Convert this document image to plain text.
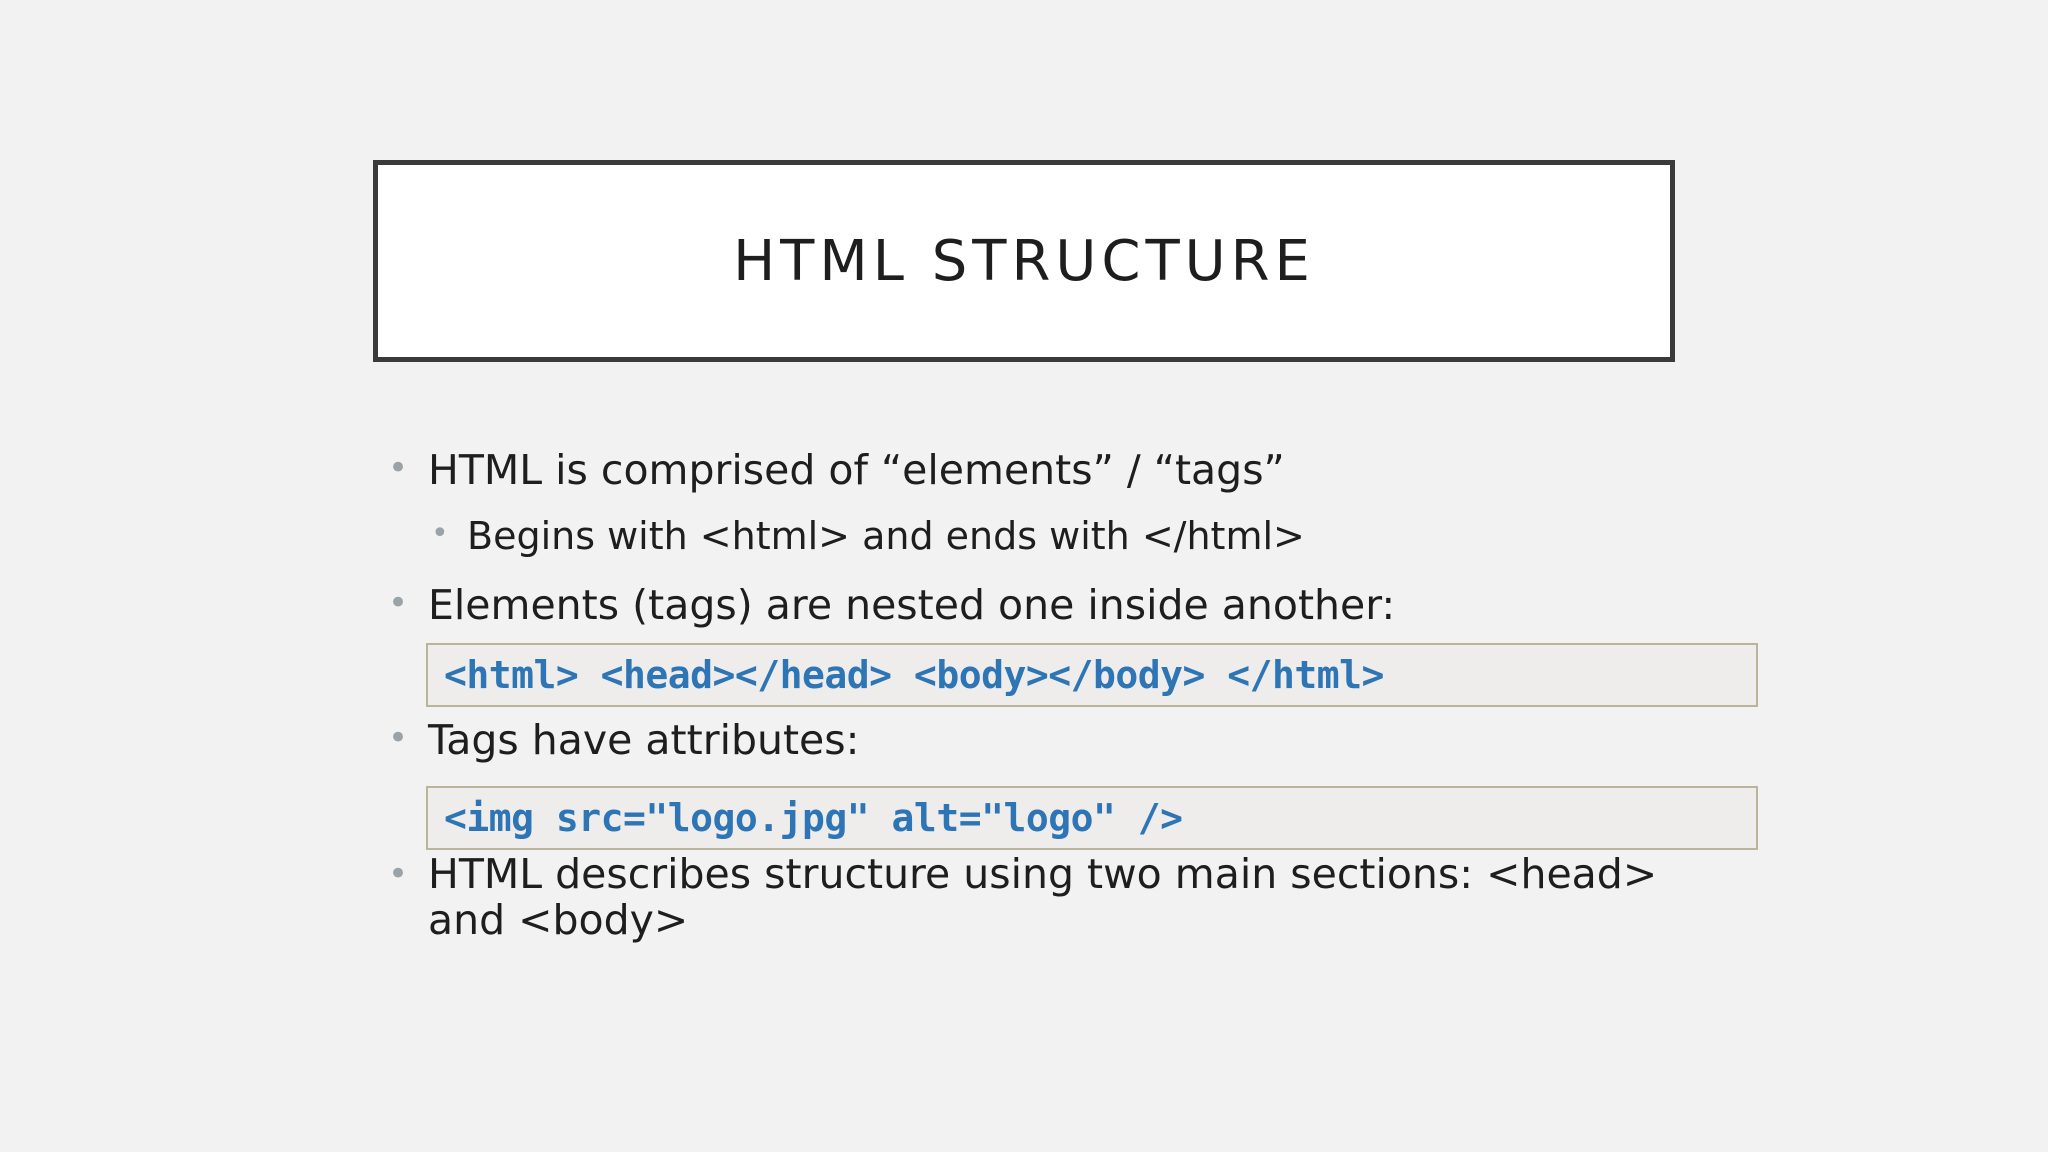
HTML STRUCTURE
• HTML is comprised of “elements” / “tags”
• Begins with <html> and ends with </html>
• Elements (tags) are nested one inside another:
<html> <head></head> <body></body> </html>
• Tags have attributes:
<img src="logo.jpg" alt="logo" />
• HTML describes structure using two main sections: <head> and <body>
